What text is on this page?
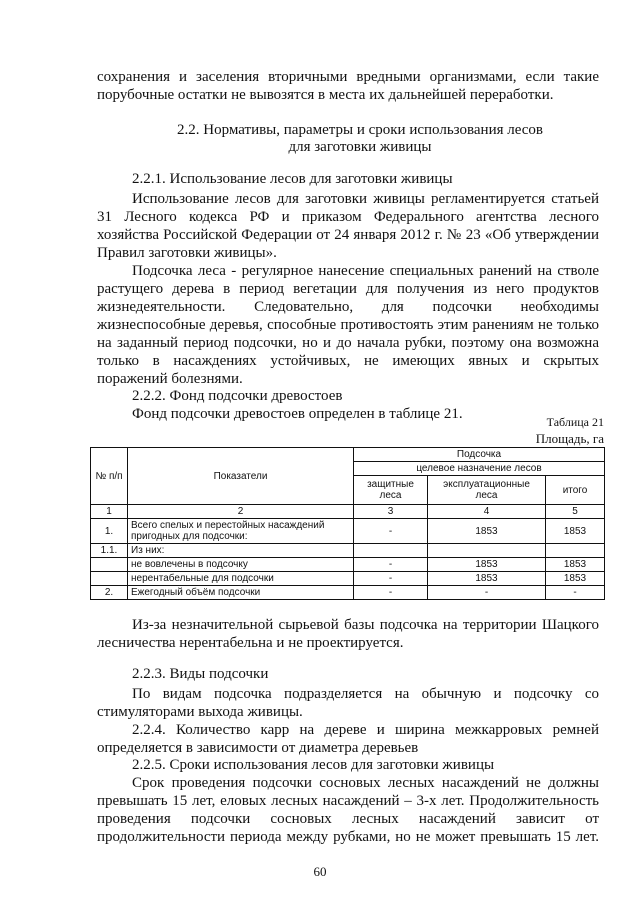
сохранения и заселения вторичными вредными организмами, если такие
порубочные остатки не вывозятся в места их дальнейшей переработки.
2.2. Нормативы, параметры и сроки использования лесов
для заготовки живицы
2.2.1. Использование лесов для заготовки живицы
Использование лесов для заготовки живицы регламентируется статьей
31 Лесного кодекса РФ и приказом Федерального агентства лесного
хозяйства Российской Федерации от 24 января 2012 г. № 23 «Об утверждении
Правил заготовки живицы».
Подсочка леса - регулярное нанесение специальных ранений на стволе
растущего дерева в период вегетации для получения из него продуктов
жизнедеятельности. Следовательно, для подсочки необходимы
жизнеспособные деревья, способные противостоять этим ранениям не только
на заданный период подсочки, но и до начала рубки, поэтому она возможна
только в насаждениях устойчивых, не имеющих явных и скрытых
поражений болезнями.
2.2.2. Фонд подсочки древостоев
Фонд подсочки древостоев определен в таблице 21.	Таблица 21
Площадь, га
№ п/п	Показатели	Подсочка		
		целевое назначение лесов		
		защитные леса	эксплуатационные леса	итого
1	2	3	4	5
1.	Всего спелых и перестойных насаждений пригодных для подсочки:	-	1853	1853
1.1.	Из них:			
	не вовлечены в подсочку	-	1853	1853
	нерентабельные для подсочки	-	1853	1853
2.	Ежегодный объём подсочки	-	-	-
Из-за незначительной сырьевой базы подсочка на территории Шацкого
лесничества нерентабельна и не проектируется.
2.2.3. Виды подсочки
По видам подсочка подразделяется на обычную и подсочку со
стимуляторами выхода живицы.
2.2.4. Количество карр на дереве и ширина межкарровых ремней
определяется в зависимости от диаметра деревьев
2.2.5. Сроки использования лесов для заготовки живицы
Срок проведения подсочки сосновых лесных насаждений не должны
превышать 15 лет, еловых лесных насаждений – 3-х лет. Продолжительность
проведения подсочки сосновых лесных насаждений зависит от
продолжительности периода между рубками, но не может превышать 15 лет.
60
